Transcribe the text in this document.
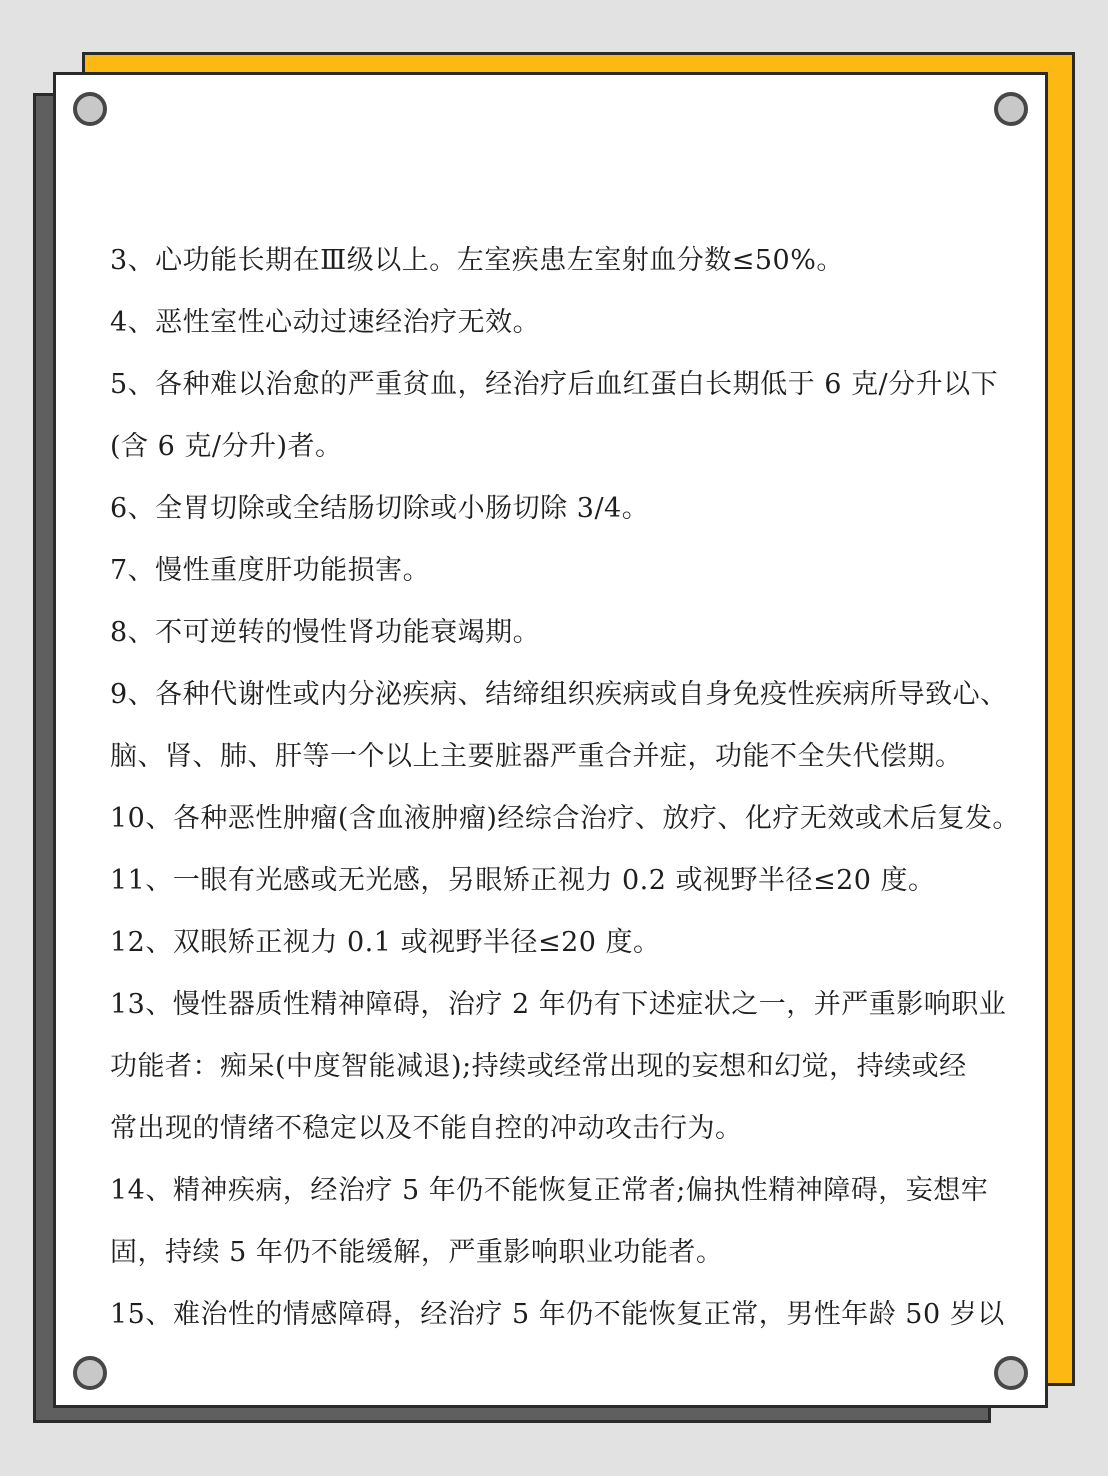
3、心功能长期在Ⅲ级以上。左室疾患左室射血分数≤50%。
4、恶性室性心动过速经治疗无效。
5、各种难以治愈的严重贫血，经治疗后血红蛋白长期低于 6 克/分升以下
(含 6 克/分升)者。
6、全胃切除或全结肠切除或小肠切除 3/4。
7、慢性重度肝功能损害。
8、不可逆转的慢性肾功能衰竭期。
9、各种代谢性或内分泌疾病、结缔组织疾病或自身免疫性疾病所导致心、
脑、肾、肺、肝等一个以上主要脏器严重合并症，功能不全失代偿期。
10、各种恶性肿瘤(含血液肿瘤)经综合治疗、放疗、化疗无效或术后复发。
11、一眼有光感或无光感，另眼矫正视力 0.2 或视野半径≤20 度。
12、双眼矫正视力 0.1 或视野半径≤20 度。
13、慢性器质性精神障碍，治疗 2 年仍有下述症状之一，并严重影响职业
功能者：痴呆(中度智能减退);持续或经常出现的妄想和幻觉，持续或经
常出现的情绪不稳定以及不能自控的冲动攻击行为。
14、精神疾病，经治疗 5 年仍不能恢复正常者;偏执性精神障碍，妄想牢
固，持续 5 年仍不能缓解，严重影响职业功能者。
15、难治性的情感障碍，经治疗 5 年仍不能恢复正常，男性年龄 50 岁以
